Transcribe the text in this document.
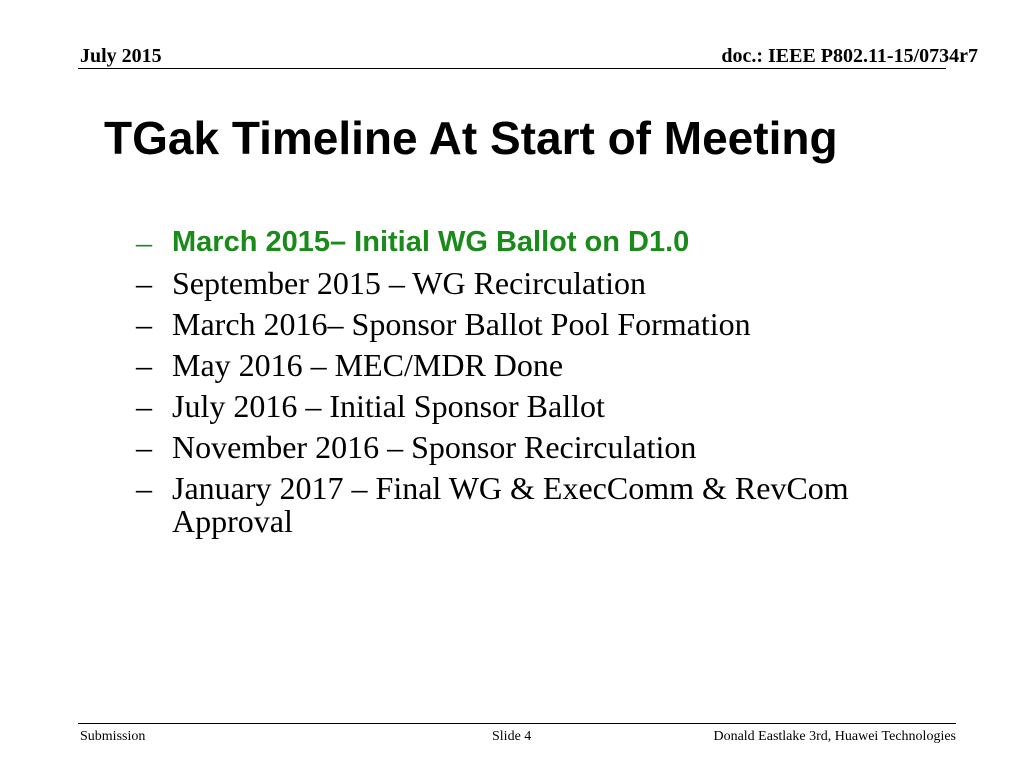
July 2015	doc.: IEEE P802.11-15/0734r7
TGak Timeline At Start of Meeting
– March 2015– Initial WG Ballot on D1.0
– September 2015 – WG Recirculation
– March 2016– Sponsor Ballot Pool Formation
– May 2016 – MEC/MDR Done
– July 2016 – Initial Sponsor Ballot
– November 2016 – Sponsor Recirculation
– January 2017 – Final WG & ExecComm & RevCom Approval
Submission	Slide 4	Donald Eastlake 3rd, Huawei Technologies
